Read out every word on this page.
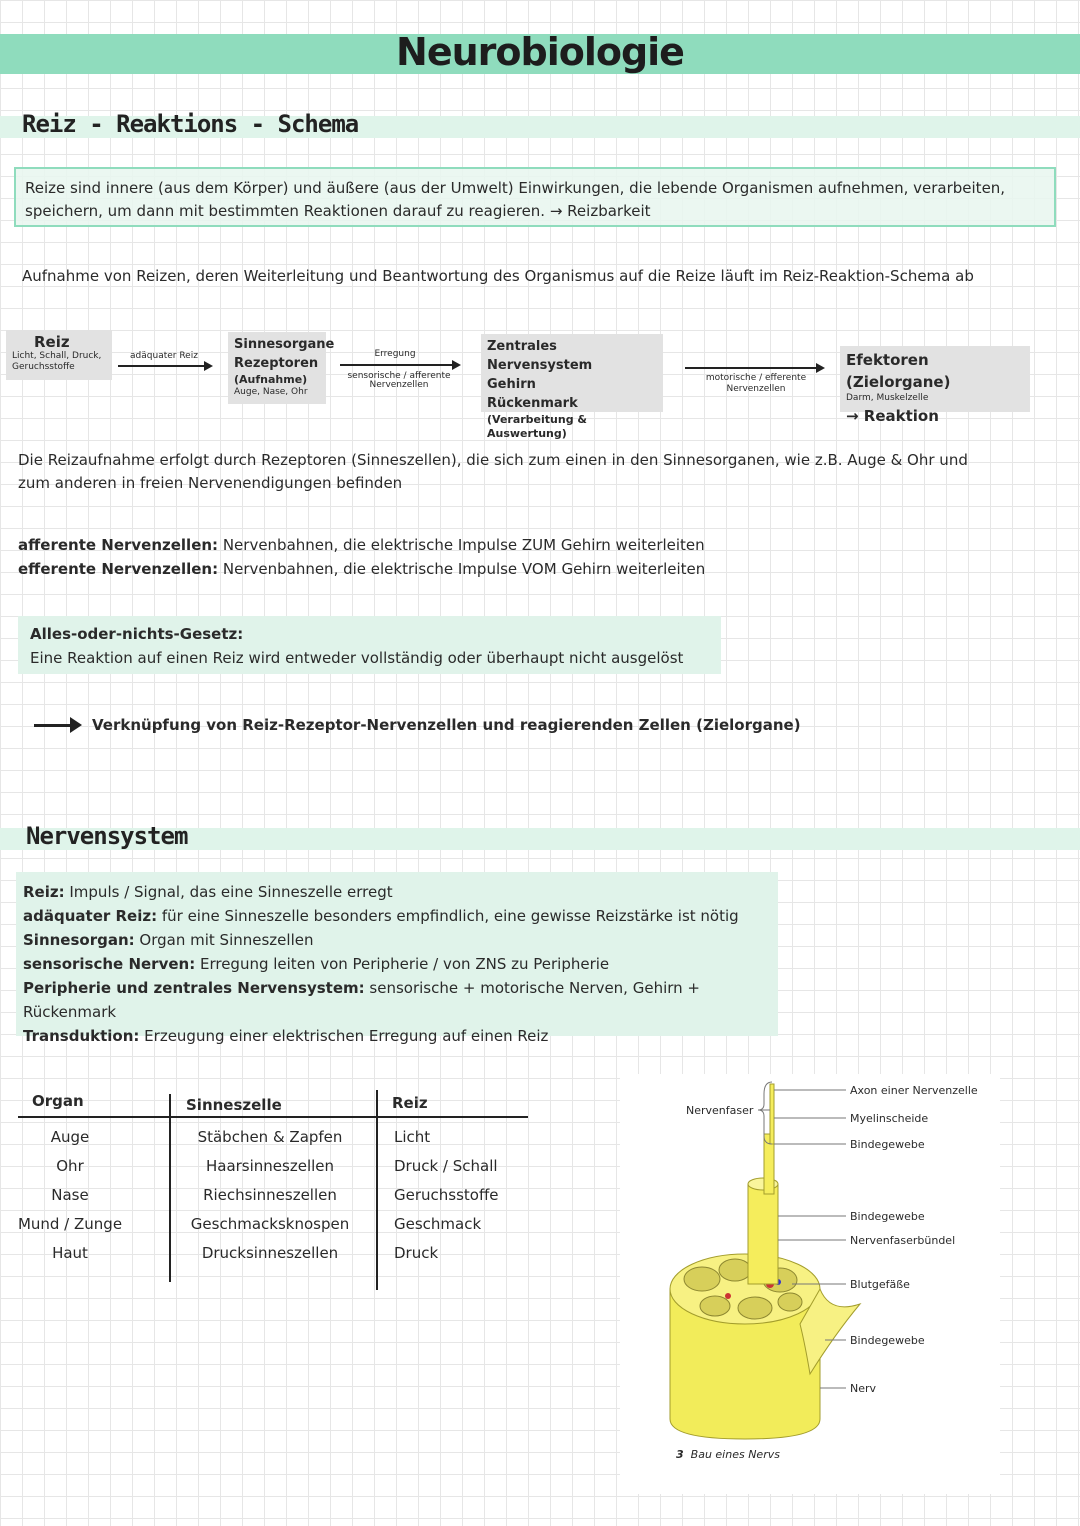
Neurobiologie
Reiz - Reaktions - Schema
Reize sind innere (aus dem Körper) und äußere (aus der Umwelt) Einwirkungen, die lebende Organismen aufnehmen, verarbeiten,
speichern, um dann mit bestimmten Reaktionen darauf zu reagieren. → Reizbarkeit
Aufnahme von Reizen, deren Weiterleitung und Beantwortung des Organismus auf die Reize läuft im Reiz-Reaktion-Schema ab
Reiz
Licht, Schall, Druck,
Geruchsstoffe
adäquater Reiz
Sinnesorgane
Rezeptoren
(Aufnahme)
Auge, Nase, Ohr
Erregung
sensorische / afferente
Nervenzellen
Zentrales Nervensystem
Gehirn
Rückenmark
(Verarbeitung & Auswertung)
motorische / efferente
Nervenzellen
Efektoren (Zielorgane)
Darm, Muskelzelle
→ Reaktion
Die Reizaufnahme erfolgt durch Rezeptoren (Sinneszellen), die sich zum einen in den Sinnesorganen, wie z.B. Auge & Ohr und
zum anderen in freien Nervenendigungen befinden
afferente Nervenzellen: Nervenbahnen, die elektrische Impulse ZUM Gehirn weiterleiten
efferente Nervenzellen: Nervenbahnen, die elektrische Impulse VOM Gehirn weiterleiten
Alles-oder-nichts-Gesetz:
Eine Reaktion auf einen Reiz wird entweder vollständig oder überhaupt nicht ausgelöst
Verknüpfung von Reiz-Rezeptor-Nervenzellen und reagierenden Zellen (Zielorgane)
Nervensystem
Reiz: Impuls / Signal, das eine Sinneszelle erregt
adäquater Reiz: für eine Sinneszelle besonders empfindlich, eine gewisse Reizstärke ist nötig
Sinnesorgan: Organ mit Sinneszellen
sensorische Nerven: Erregung leiten von Peripherie / von ZNS zu Peripherie
Peripherie und zentrales Nervensystem: sensorische + motorische Nerven, Gehirn + Rückenmark
Transduktion: Erzeugung einer elektrischen Erregung auf einen Reiz
Organ	Sinneszelle	Reiz
Auge	Stäbchen & Zapfen	Licht
Ohr	Haarsinneszellen	Druck / Schall
Nase	Riechsinneszellen	Geruchsstoffe
Mund / Zunge	Geschmacksknospen	Geschmack
Haut	Drucksinneszellen	Druck
Axon einer Nervenzelle
Myelinscheide
Bindegewebe
Bindegewebe
Nervenfaserbündel
Blutgefäße
Bindegewebe
Nerv
Nervenfaser
3 Bau eines Nervs
